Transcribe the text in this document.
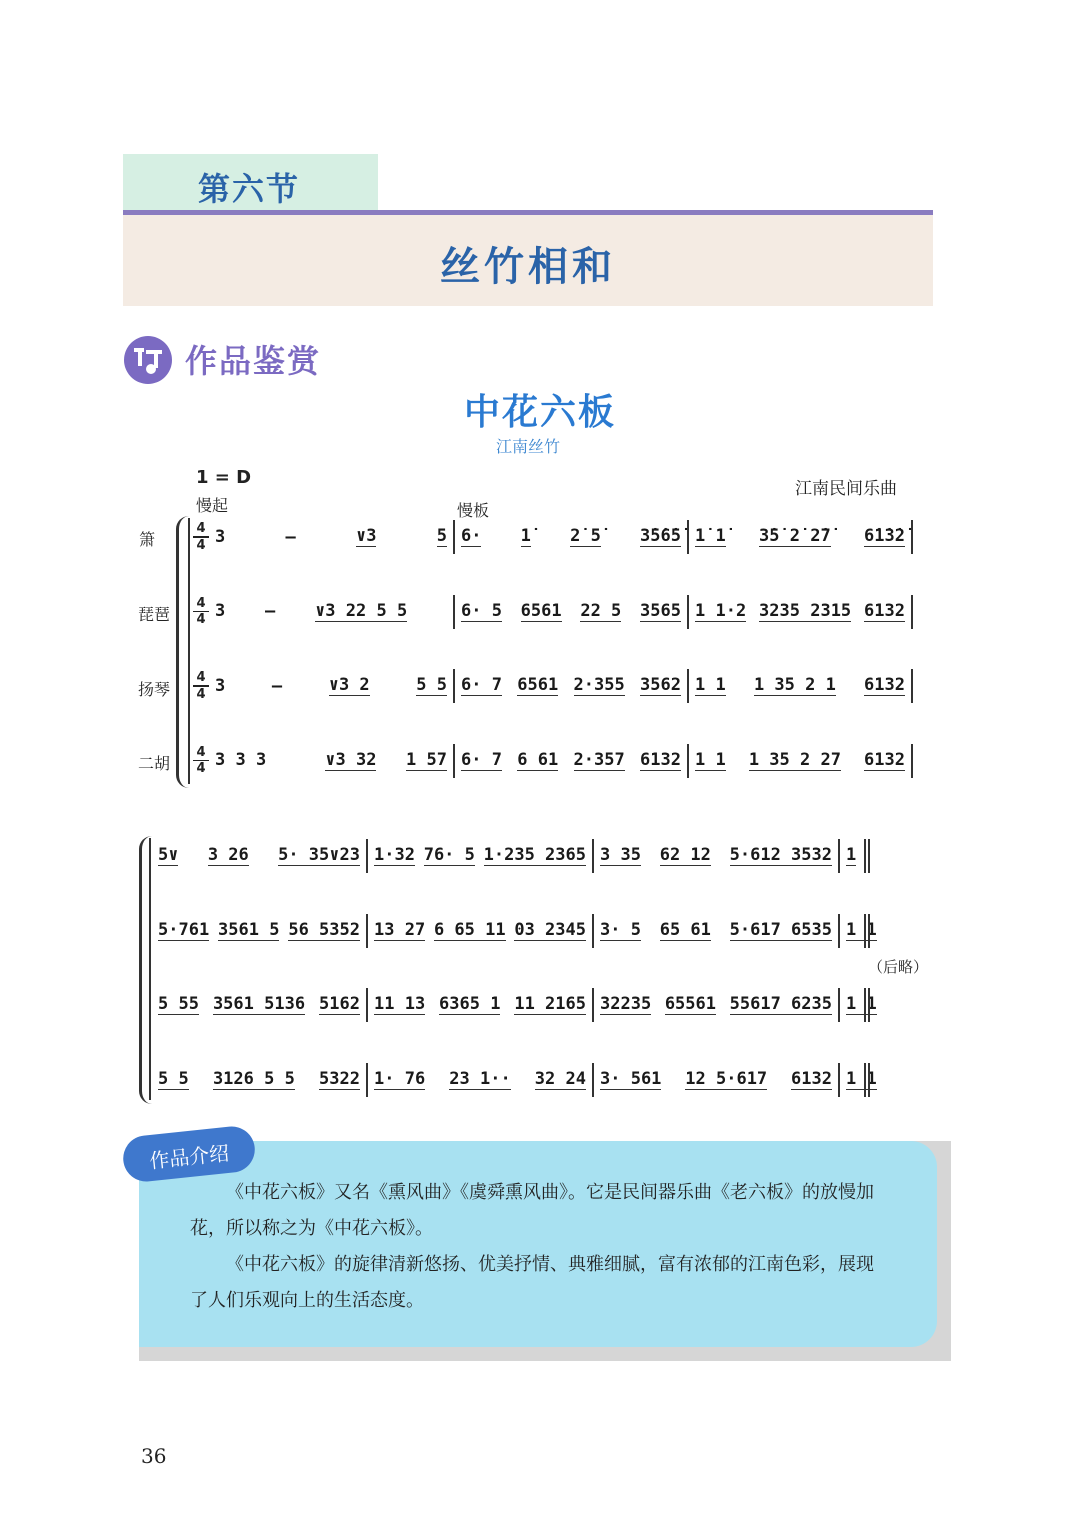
第六节
丝竹相和
作品鉴赏
中花六板
江南丝竹
1 = D
慢起	慢板
江南民间乐曲
箫
琵琶
扬琴
二胡
4
4 3	–	∨3	5 6· 1̇ 2̇ 5̇ 3̇5̇6̇5̇ 1̇ 1̇ 3̇5̇ 2̇ 2̇7̇ 6̇1̇3̇2̇
4
4 3 – ∨3 22 5 5	6· 5 6561 22 5 3565 1 1·2 3235 2315 6132
4
4 3	–	∨3 2	5 5 6· 7 6561 2·355 3562 1 1 1 35 2 1 6132
4
4 3 3 3	∨3 32 1 57 6· 7 6 61 2·357 6132 1 1 1 35 2 27 6132
5∨ 3 26 5· 35∨23 1·32 76· 5 1·235 2365 3 35 62 12 5·612 3532 1
5·761 3561 5 56 5352 13 27 6 65 11 03 2345 3· 5 65 61 5·617 6535 1 1
5 55 3561 5136 5162 11 13 6365 1 11 2165 32235 65561 55617 6235 1 1
5 5 3126 5 5 5322 1· 76 23 1·· 32 24 3· 561 12 5·617 6132 1 1
（后略）
作品介绍

《中花六板》又名《熏风曲》《虞舜熏风曲》。它是民间器乐曲《老六板》的放慢加花，所以称之为《中花六板》。

《中花六板》的旋律清新悠扬、优美抒情、典雅细腻，富有浓郁的江南色彩，展现了人们乐观向上的生活态度。

36
